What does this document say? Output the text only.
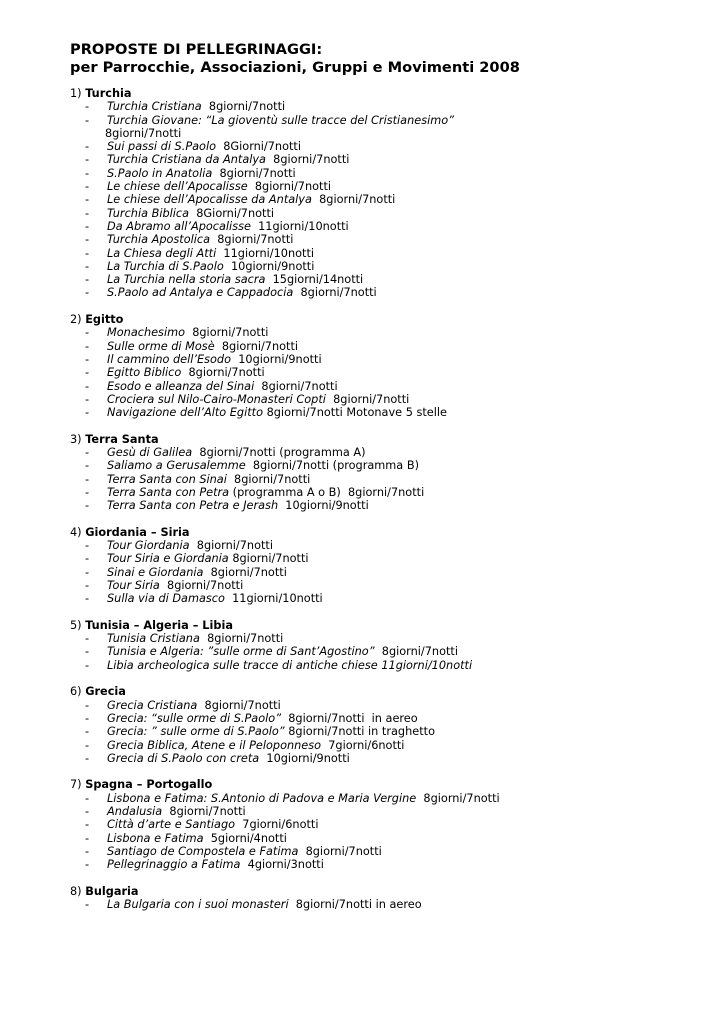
PROPOSTE DI PELLEGRINAGGI:
per Parrocchie, Associazioni, Gruppi e Movimenti 2008
1) Turchia
- Turchia Cristiana  8giorni/7notti
- Turchia Giovane: “La gioventù sulle tracce del Cristianesimo”
8giorni/7notti
- Sui passi di S.Paolo  8Giorni/7notti
- Turchia Cristiana da Antalya  8giorni/7notti
- S.Paolo in Anatolia  8giorni/7notti
- Le chiese dell’Apocalisse  8giorni/7notti
- Le chiese dell’Apocalisse da Antalya  8giorni/7notti
- Turchia Biblica  8Giorni/7notti
- Da Abramo all’Apocalisse  11giorni/10notti
- Turchia Apostolica  8giorni/7notti
- La Chiesa degli Atti  11giorni/10notti
- La Turchia di S.Paolo  10giorni/9notti
- La Turchia nella storia sacra  15giorni/14notti
- S.Paolo ad Antalya e Cappadocia  8giorni/7notti
2) Egitto
- Monachesimo  8giorni/7notti
- Sulle orme di Mosè  8giorni/7notti
- Il cammino dell’Esodo  10giorni/9notti
- Egitto Biblico  8giorni/7notti
- Esodo e alleanza del Sinai  8giorni/7notti
- Crociera sul Nilo-Cairo-Monasteri Copti  8giorni/7notti
- Navigazione dell’Alto Egitto 8giorni/7notti Motonave 5 stelle
3) Terra Santa
- Gesù di Galilea  8giorni/7notti (programma A)
- Saliamo a Gerusalemme  8giorni/7notti (programma B)
- Terra Santa con Sinai  8giorni/7notti
- Terra Santa con Petra (programma A o B)  8giorni/7notti
- Terra Santa con Petra e Jerash  10giorni/9notti
4) Giordania – Siria
- Tour Giordania  8giorni/7notti
- Tour Siria e Giordania 8giorni/7notti
- Sinai e Giordania  8giorni/7notti
- Tour Siria  8giorni/7notti
- Sulla via di Damasco  11giorni/10notti
5) Tunisia – Algeria – Libia
- Tunisia Cristiana  8giorni/7notti
- Tunisia e Algeria: ”sulle orme di Sant’Agostino”  8giorni/7notti
- Libia archeologica sulle tracce di antiche chiese 11giorni/10notti
6) Grecia
- Grecia Cristiana  8giorni/7notti
- Grecia: “sulle orme di S.Paolo”  8giorni/7notti  in aereo
- Grecia: ” sulle orme di S.Paolo” 8giorni/7notti in traghetto
- Grecia Biblica, Atene e il Peloponneso  7giorni/6notti
- Grecia di S.Paolo con creta  10giorni/9notti
7) Spagna – Portogallo
- Lisbona e Fatima: S.Antonio di Padova e Maria Vergine  8giorni/7notti
- Andalusia  8giorni/7notti
- Città d’arte e Santiago  7giorni/6notti
- Lisbona e Fatima  5giorni/4notti
- Santiago de Compostela e Fatima  8giorni/7notti
- Pellegrinaggio a Fatima  4giorni/3notti
8) Bulgaria
- La Bulgaria con i suoi monasteri  8giorni/7notti in aereo
